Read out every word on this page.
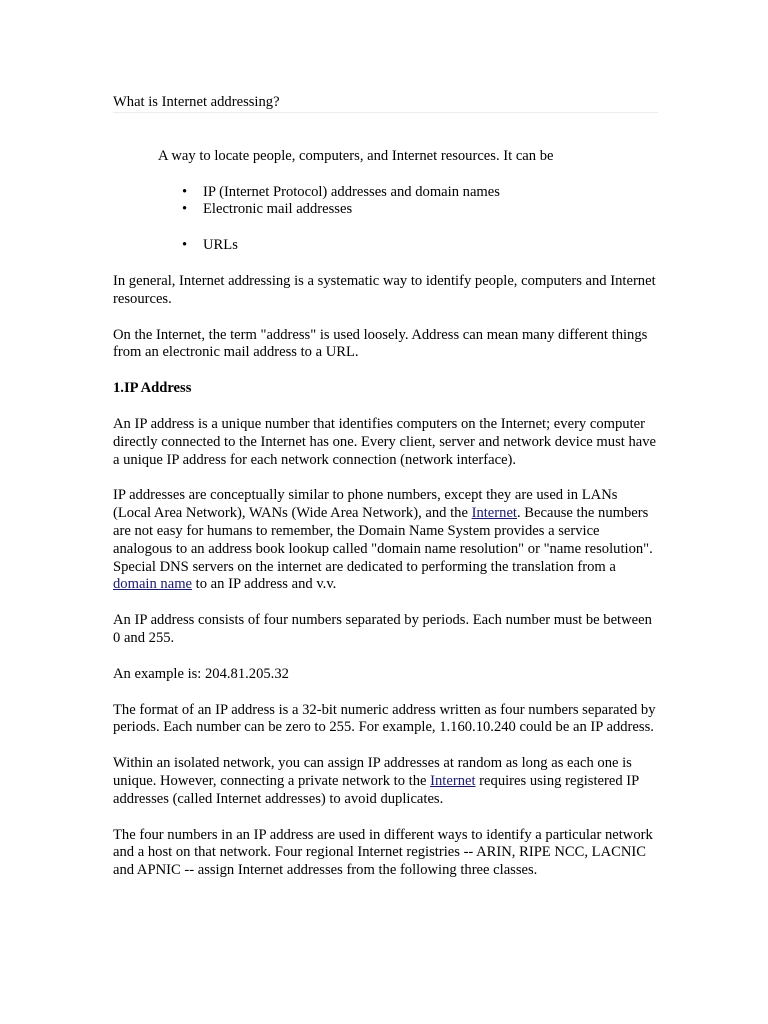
What is Internet addressing?

A way to locate people, computers, and Internet resources. It can be

• IP (Internet Protocol) addresses and domain names
• Electronic mail addresses
• URLs

In general, Internet addressing is a systematic way to identify people, computers and Internet resources.

On the Internet, the term "address" is used loosely. Address can mean many different things from an electronic mail address to a URL.

1.IP Address

An IP address is a unique number that identifies computers on the Internet; every computer directly connected to the Internet has one. Every client, server and network device must have a unique IP address for each network connection (network interface).

IP addresses are conceptually similar to phone numbers, except they are used in LANs (Local Area Network), WANs (Wide Area Network), and the Internet. Because the numbers are not easy for humans to remember, the Domain Name System provides a service analogous to an address book lookup called "domain name resolution" or "name resolution". Special DNS servers on the internet are dedicated to performing the translation from a domain name to an IP address and v.v.

An IP address consists of four numbers separated by periods. Each number must be between 0 and 255.

An example is: 204.81.205.32

The format of an IP address is a 32-bit numeric address written as four numbers separated by periods. Each number can be zero to 255. For example, 1.160.10.240 could be an IP address.

Within an isolated network, you can assign IP addresses at random as long as each one is unique. However, connecting a private network to the Internet requires using registered IP addresses (called Internet addresses) to avoid duplicates.

The four numbers in an IP address are used in different ways to identify a particular network and a host on that network. Four regional Internet registries -- ARIN, RIPE NCC, LACNIC and APNIC -- assign Internet addresses from the following three classes.
